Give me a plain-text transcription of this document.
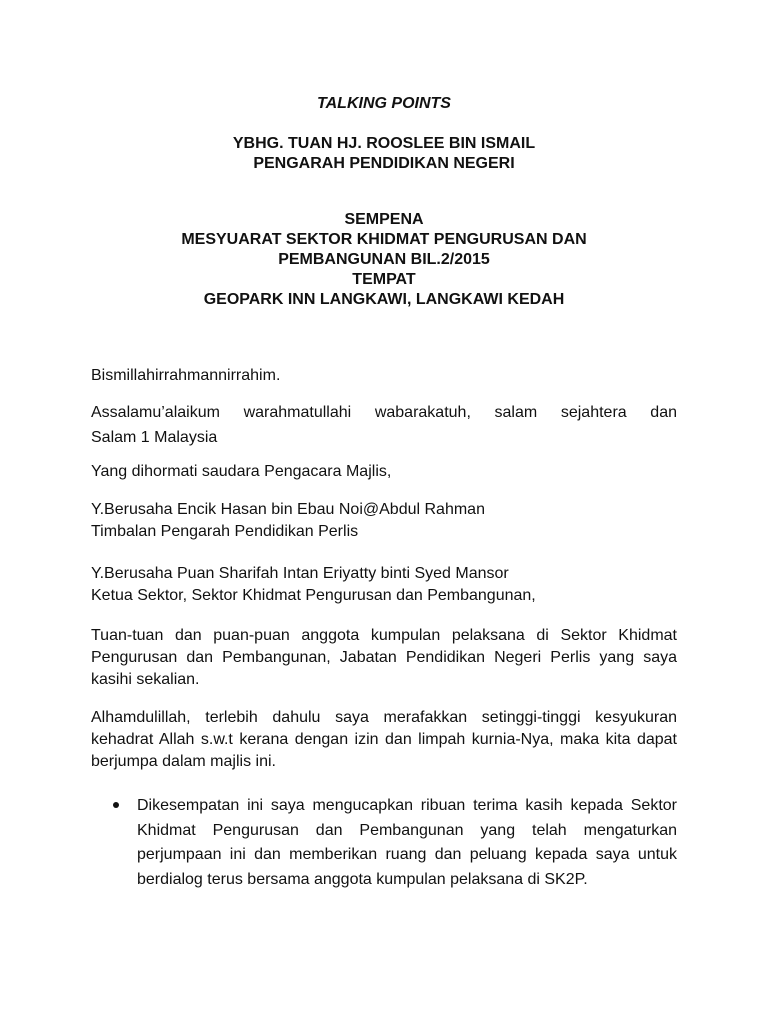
TALKING POINTS
YBHG. TUAN HJ. ROOSLEE BIN ISMAIL
PENGARAH PENDIDIKAN NEGERI
SEMPENA
MESYUARAT SEKTOR KHIDMAT PENGURUSAN DAN
PEMBANGUNAN BIL.2/2015
TEMPAT
GEOPARK INN LANGKAWI, LANGKAWI KEDAH
Bismillahirrahmannirrahim.
Assalamu’alaikum warahmatullahi wabarakatuh, salam sejahtera dan
Salam 1 Malaysia
Yang dihormati saudara Pengacara Majlis,
Y.Berusaha Encik Hasan bin Ebau Noi@Abdul Rahman
Timbalan Pengarah Pendidikan Perlis
Y.Berusaha Puan Sharifah Intan Eriyatty binti Syed Mansor
Ketua Sektor, Sektor Khidmat Pengurusan dan Pembangunan,
Tuan-tuan dan puan-puan anggota kumpulan pelaksana di Sektor Khidmat Pengurusan dan Pembangunan, Jabatan Pendidikan Negeri Perlis yang saya kasihi sekalian.
Alhamdulillah, terlebih dahulu saya merafakkan setinggi-tinggi kesyukuran kehadrat Allah s.w.t kerana dengan izin dan limpah kurnia-Nya, maka kita dapat berjumpa dalam majlis ini.
Dikesempatan ini saya mengucapkan ribuan terima kasih kepada Sektor Khidmat Pengurusan dan Pembangunan yang telah mengaturkan perjumpaan ini dan memberikan ruang dan peluang kepada saya untuk berdialog terus bersama anggota kumpulan pelaksana di SK2P.
